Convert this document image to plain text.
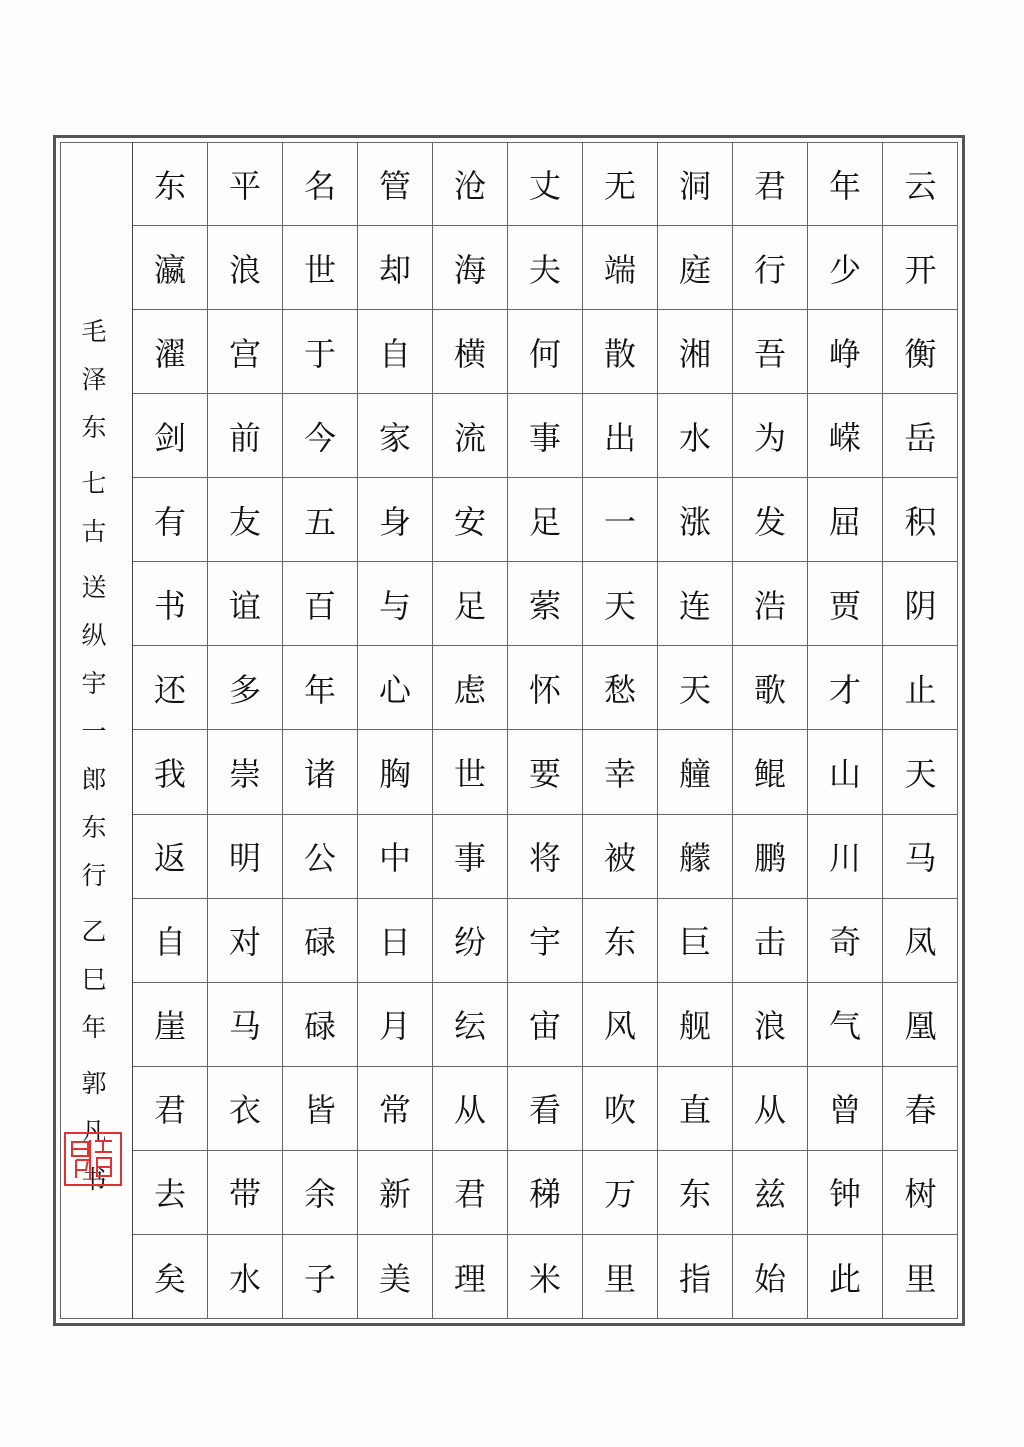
东	平	名	管	沧	丈	无	洞	君	年	云
瀛	浪	世	却	海	夫	端	庭	行	少	开
濯	宫	于	自	横	何	散	湘	吾	峥	衡
剑	前	今	家	流	事	出	水	为	嵘	岳
有	友	五	身	安	足	一	涨	发	屈	积
书	谊	百	与	足	萦	天	连	浩	贾	阴
还	多	年	心	虑	怀	愁	天	歌	才	止
我	崇	诸	胸	世	要	幸	艟	鲲	山	天
返	明	公	中	事	将	被	艨	鹏	川	马
自	对	碌	日	纷	宇	东	巨	击	奇	凤
崖	马	碌	月	纭	宙	风	舰	浪	气	凰
君	衣	皆	常	从	看	吹	直	从	曾	春
去	带	余	新	君	稊	万	东	兹	钟	树
矣	水	子	美	理	米	里	指	始	此	里
毛
泽
东
七
古
送
纵
宇
一
郎
东
行
乙
巳
年
郭
凡
书
